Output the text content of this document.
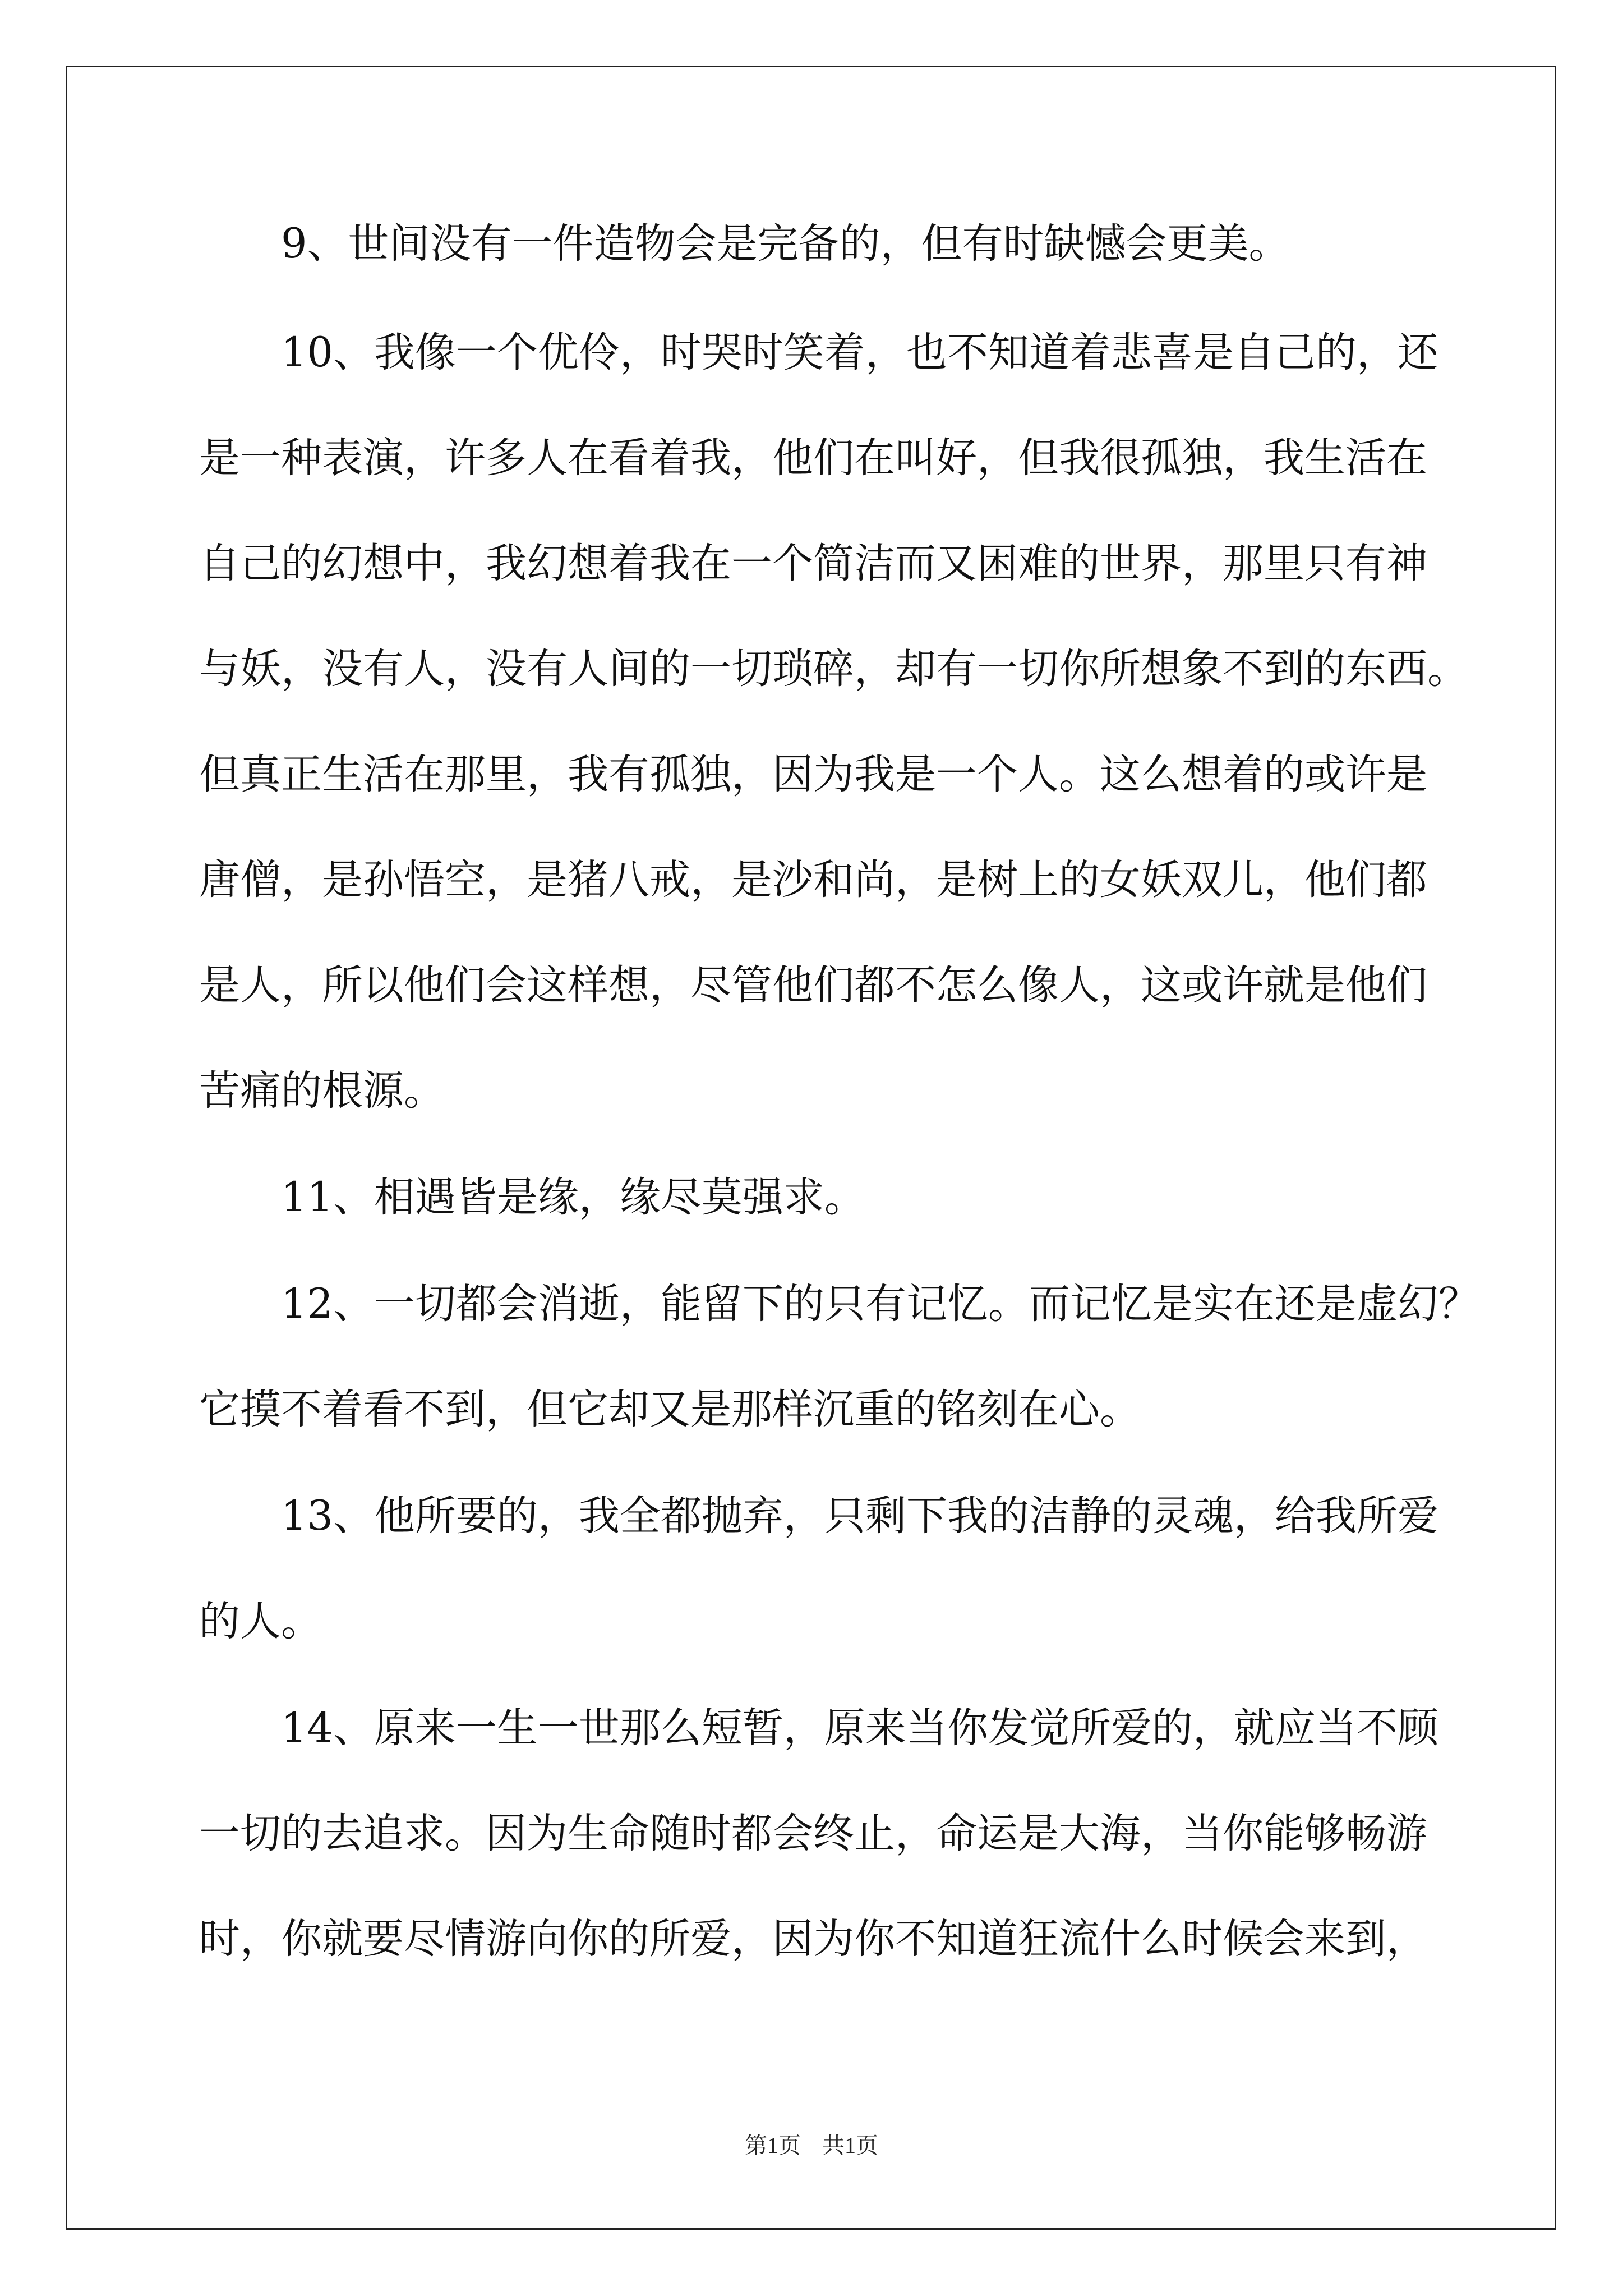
9、世间没有一件造物会是完备的，但有时缺憾会更美。
10、我像一个优伶，时哭时笑着，也不知道着悲喜是自己的，还
是一种表演，许多人在看着我，他们在叫好，但我很孤独，我生活在
自己的幻想中，我幻想着我在一个简洁而又困难的世界，那里只有神
与妖，没有人，没有人间的一切琐碎，却有一切你所想象不到的东西。
但真正生活在那里，我有孤独，因为我是一个人。这么想着的或许是
唐僧，是孙悟空，是猪八戒，是沙和尚，是树上的女妖双儿，他们都
是人，所以他们会这样想，尽管他们都不怎么像人，这或许就是他们
苦痛的根源。
11、相遇皆是缘，缘尽莫强求。
12、一切都会消逝，能留下的只有记忆。而记忆是实在还是虚幻？
它摸不着看不到，但它却又是那样沉重的铭刻在心。
13、他所要的，我全都抛弃，只剩下我的洁静的灵魂，给我所爱
的人。
14、原来一生一世那么短暂，原来当你发觉所爱的，就应当不顾
一切的去追求。因为生命随时都会终止，命运是大海，当你能够畅游
时，你就要尽情游向你的所爱，因为你不知道狂流什么时候会来到，
第1页 共1页
